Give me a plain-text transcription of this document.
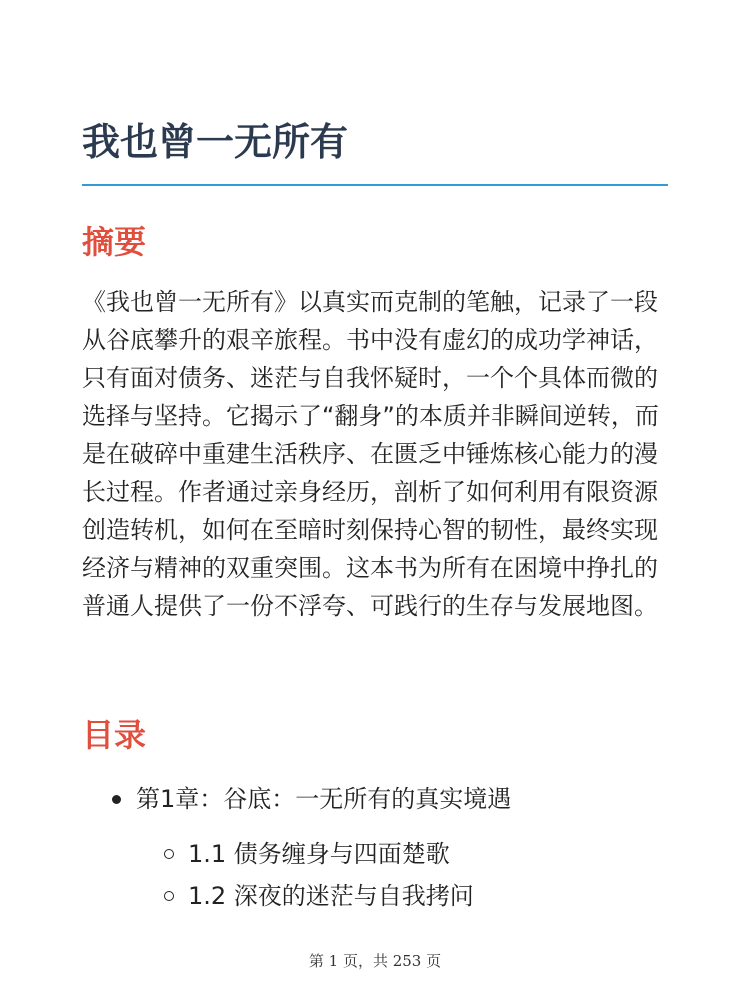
我也曾一无所有
摘要

《我也曾一无所有》以真实而克制的笔触，记录了一段从谷底攀升的艰辛旅程。书中没有虚幻的成功学神话，只有面对债务、迷茫与自我怀疑时，一个个具体而微的选择与坚持。它揭示了“翻身”的本质并非瞬间逆转，而是在破碎中重建生活秩序、在匮乏中锤炼核心能力的漫长过程。作者通过亲身经历，剖析了如何利用有限资源创造转机，如何在至暗时刻保持心智的韧性，最终实现经济与精神的双重突围。这本书为所有在困境中挣扎的普通人提供了一份不浮夸、可践行的生存与发展地图。

目录
第1章：谷底：一无所有的真实境遇
1.1 债务缠身与四面楚歌
1.2 深夜的迷茫与自我拷问
第 1 页，共 253 页
